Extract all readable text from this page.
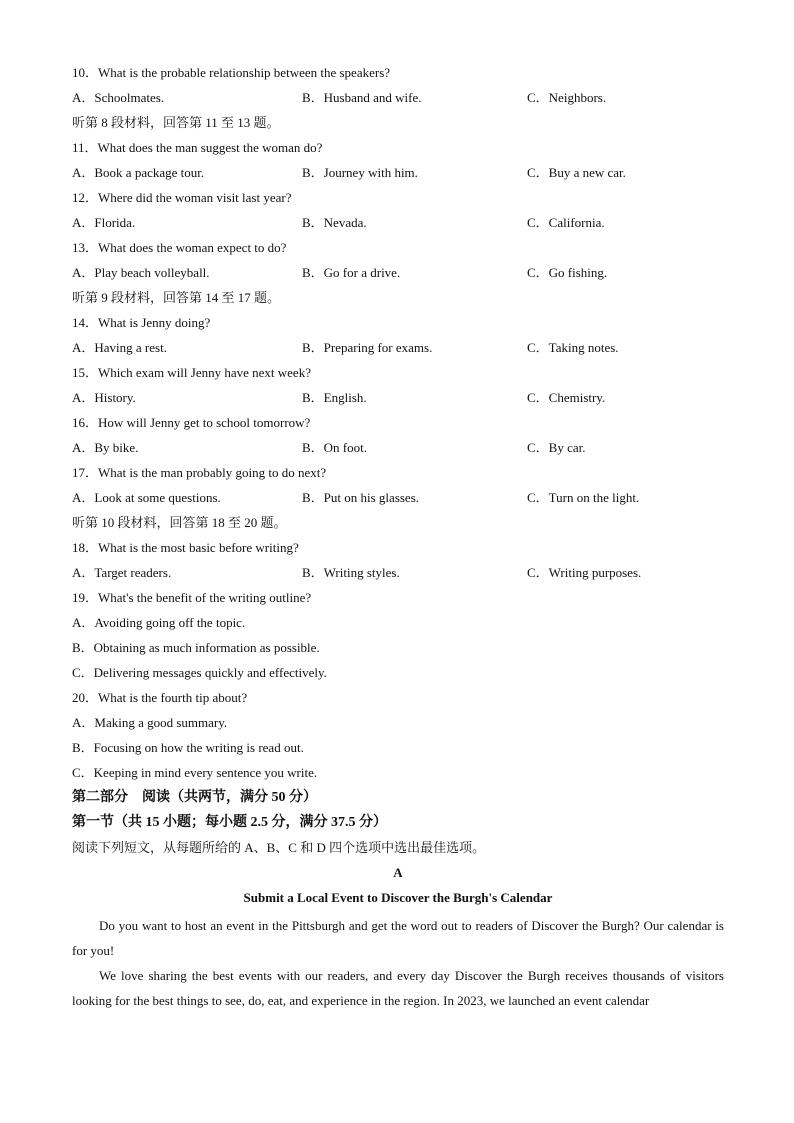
10．What is the probable relationship between the speakers?
A．Schoolmates.	B．Husband and wife.	C．Neighbors.
听第 8 段材料，回答第 11 至 13 题。
11．What does the man suggest the woman do?
A．Book a package tour.	B．Journey with him.	C．Buy a new car.
12．Where did the woman visit last year?
A．Florida.	B．Nevada.	C．California.
13．What does the woman expect to do?
A．Play beach volleyball.	B．Go for a drive.	C．Go fishing.
听第 9 段材料，回答第 14 至 17 题。
14．What is Jenny doing?
A．Having a rest.	B．Preparing for exams.	C．Taking notes.
15．Which exam will Jenny have next week?
A．History.	B．English.	C．Chemistry.
16．How will Jenny get to school tomorrow?
A．By bike.	B．On foot.	C．By car.
17．What is the man probably going to do next?
A．Look at some questions.	B．Put on his glasses.	C．Turn on the light.
听第 10 段材料，回答第 18 至 20 题。
18．What is the most basic before writing?
A．Target readers.	B．Writing styles.	C．Writing purposes.
19．What's the benefit of the writing outline?
A．Avoiding going off the topic.
B．Obtaining as much information as possible.
C．Delivering messages quickly and effectively.
20．What is the fourth tip about?
A．Making a good summary.
B．Focusing on how the writing is read out.
C．Keeping in mind every sentence you write.
第二部分　阅读（共两节，满分 50 分）
第一节（共 15 小题；每小题 2.5 分，满分 37.5 分）
阅读下列短文，从每题所给的 A、B、C 和 D 四个选项中选出最佳选项。
A
Submit a Local Event to Discover the Burgh's Calendar

Do you want to host an event in the Pittsburgh and get the word out to readers of Discover the Burgh? Our calendar is for you!

We love sharing the best events with our readers, and every day Discover the Burgh receives thousands of visitors looking for the best things to see, do, eat, and experience in the region. In 2023, we launched an event calendar
